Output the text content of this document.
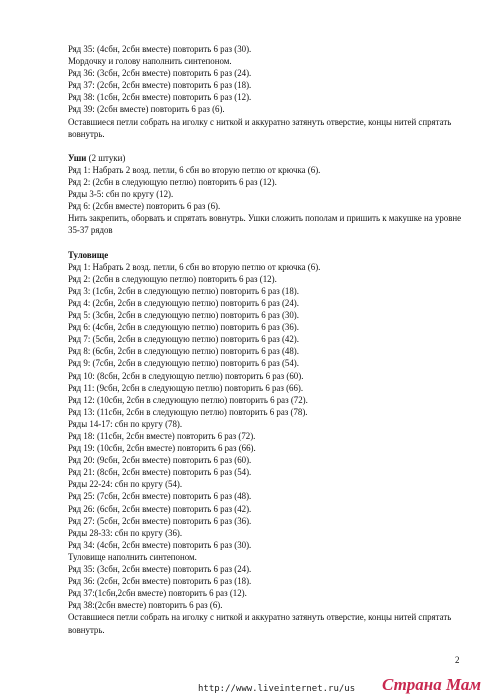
Ряд 35: (4сбн, 2сбн вместе) повторить 6 раз (30).
Мордочку и голову наполнить синтепоном.
Ряд 36: (3сбн, 2сбн вместе) повторить 6 раз (24).
Ряд 37: (2сбн, 2сбн вместе) повторить 6 раз (18).
Ряд 38: (1сбн, 2сбн вместе) повторить 6 раз (12).
Ряд 39: (2сбн вместе) повторить 6 раз (6).
Оставшиеся петли собрать на иголку с ниткой и аккуратно затянуть отверстие, концы нитей спрятать вовнутрь.
Уши (2 штуки)
Ряд 1: Набрать 2 возд. петли, 6 сбн во вторую петлю от крючка (6).
Ряд 2: (2сбн в следующую петлю) повторить 6 раз (12).
Ряды 3-5: сбн по кругу (12).
Ряд 6: (2сбн вместе) повторить 6 раз (6).
Нить закрепить, оборвать и спрятать вовнутрь. Ушки сложить пополам и пришить к макушке на уровне 35-37 рядов
Туловище
Ряд 1: Набрать 2 возд. петли, 6 сбн во вторую петлю от крючка (6).
Ряд 2: (2сбн в следующую петлю) повторить 6 раз (12).
Ряд 3: (1сбн, 2сбн в следующую петлю) повторить 6 раз (18).
Ряд 4: (2сбн, 2сбн в следующую петлю) повторить 6 раз (24).
Ряд 5: (3сбн, 2сбн в следующую петлю) повторить 6 раз (30).
Ряд 6: (4сбн, 2сбн в следующую петлю) повторить 6 раз (36).
Ряд 7: (5сбн, 2сбн в следующую петлю) повторить 6 раз (42).
Ряд 8: (6сбн, 2сбн в следующую петлю) повторить 6 раз (48).
Ряд 9: (7сбн, 2сбн в следующую петлю) повторить 6 раз (54).
Ряд 10: (8сбн, 2сбн в следующую петлю) повторить 6 раз (60).
Ряд 11: (9сбн, 2сбн в следующую петлю) повторить 6 раз (66).
Ряд 12: (10сбн, 2сбн в следующую петлю) повторить 6 раз (72).
Ряд 13: (11сбн, 2сбн в следующую петлю) повторить 6 раз (78).
Ряды 14-17: сбн по кругу (78).
Ряд 18: (11сбн, 2сбн вместе) повторить 6 раз (72).
Ряд 19: (10сбн, 2сбн вместе) повторить 6 раз (66).
Ряд 20: (9сбн, 2сбн вместе) повторить 6 раз (60).
Ряд 21: (8сбн, 2сбн вместе) повторить 6 раз (54).
Ряды 22-24: сбн по кругу (54).
Ряд 25: (7сбн, 2сбн вместе) повторить 6 раз (48).
Ряд 26: (6сбн, 2сбн вместе) повторить 6 раз (42).
Ряд 27: (5сбн, 2сбн вместе) повторить 6 раз (36).
Ряды 28-33: сбн по кругу (36).
Ряд 34: (4сбн, 2сбн вместе) повторить 6 раз (30).
Туловище наполнить синтепоном.
Ряд 35: (3сбн, 2сбн вместе) повторить 6 раз (24).
Ряд 36: (2сбн, 2сбн вместе) повторить 6 раз (18).
Ряд 37:(1сбн,2сбн вместе) повторить 6 раз (12).
Ряд 38:(2сбн вместе) повторить 6 раз (6).
Оставшиеся петли собрать на иголку с ниткой и аккуратно затянуть отверстие, концы нитей спрятать вовнутрь.
2
http://www.liveinternet.ru/us Страна Мам
